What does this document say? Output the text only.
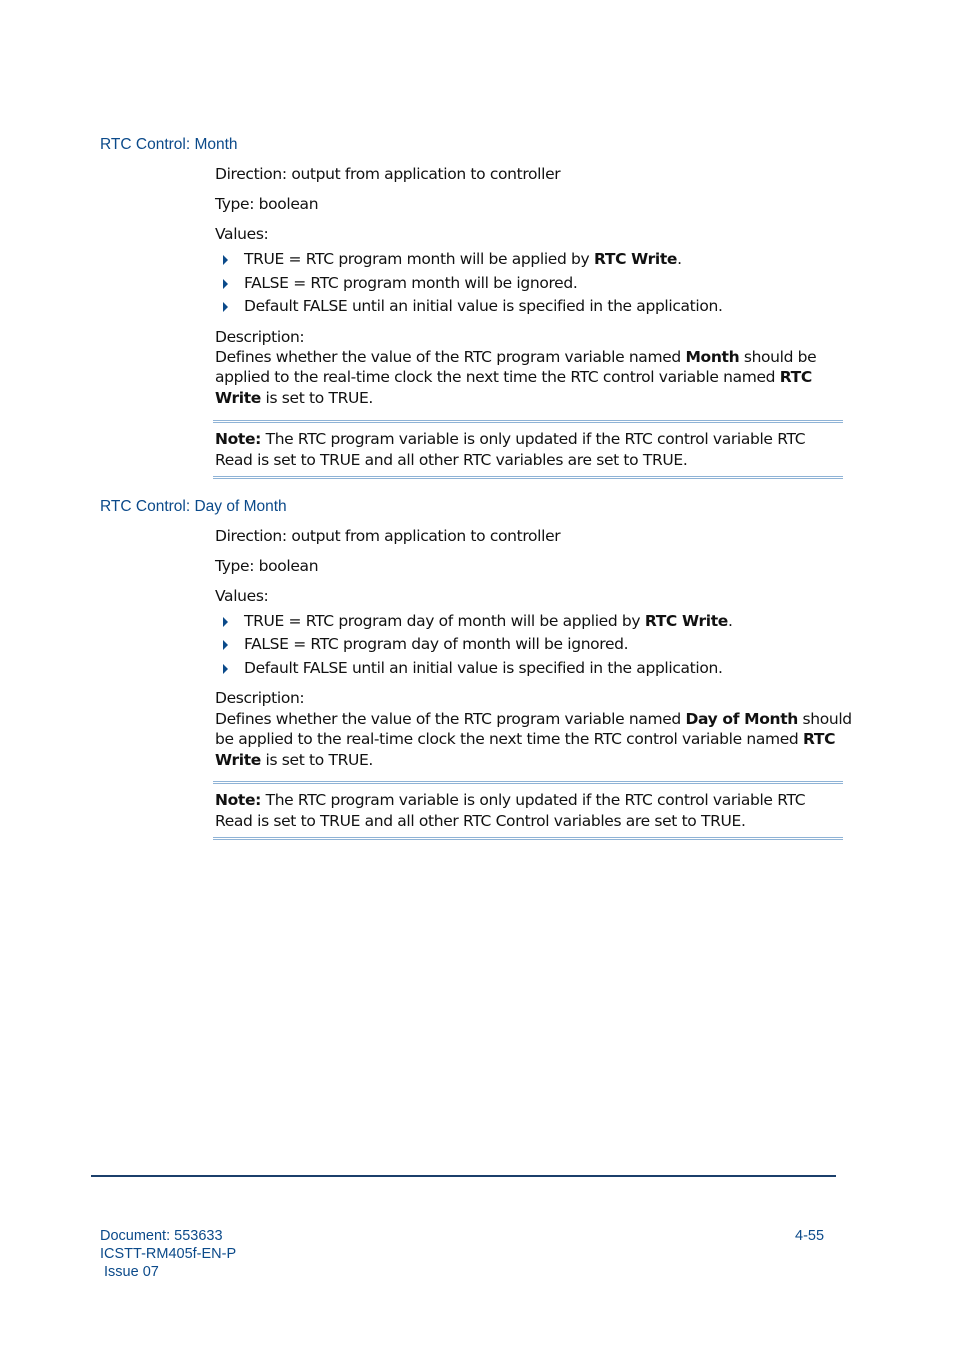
RTC Control: Month
Direction: output from application to controller
Type: boolean
Values:
TRUE = RTC program month will be applied by RTC Write.
FALSE = RTC program month will be ignored.
Default FALSE until an initial value is specified in the application.
Description:
Defines whether the value of the RTC program variable named Month should be
applied to the real-time clock the next time the RTC control variable named RTC
Write is set to TRUE.
Note: The RTC program variable is only updated if the RTC control variable RTC
Read is set to TRUE and all other RTC variables are set to TRUE.
RTC Control: Day of Month
Direction: output from application to controller
Type: boolean
Values:
TRUE = RTC program day of month will be applied by RTC Write.
FALSE = RTC program day of month will be ignored.
Default FALSE until an initial value is specified in the application.
Description:
Defines whether the value of the RTC program variable named Day of Month should
be applied to the real-time clock the next time the RTC control variable named RTC
Write is set to TRUE.
Note: The RTC program variable is only updated if the RTC control variable RTC
Read is set to TRUE and all other RTC Control variables are set to TRUE.
Document: 553633
ICSTT-RM405f-EN-P
Issue 07
4-55
